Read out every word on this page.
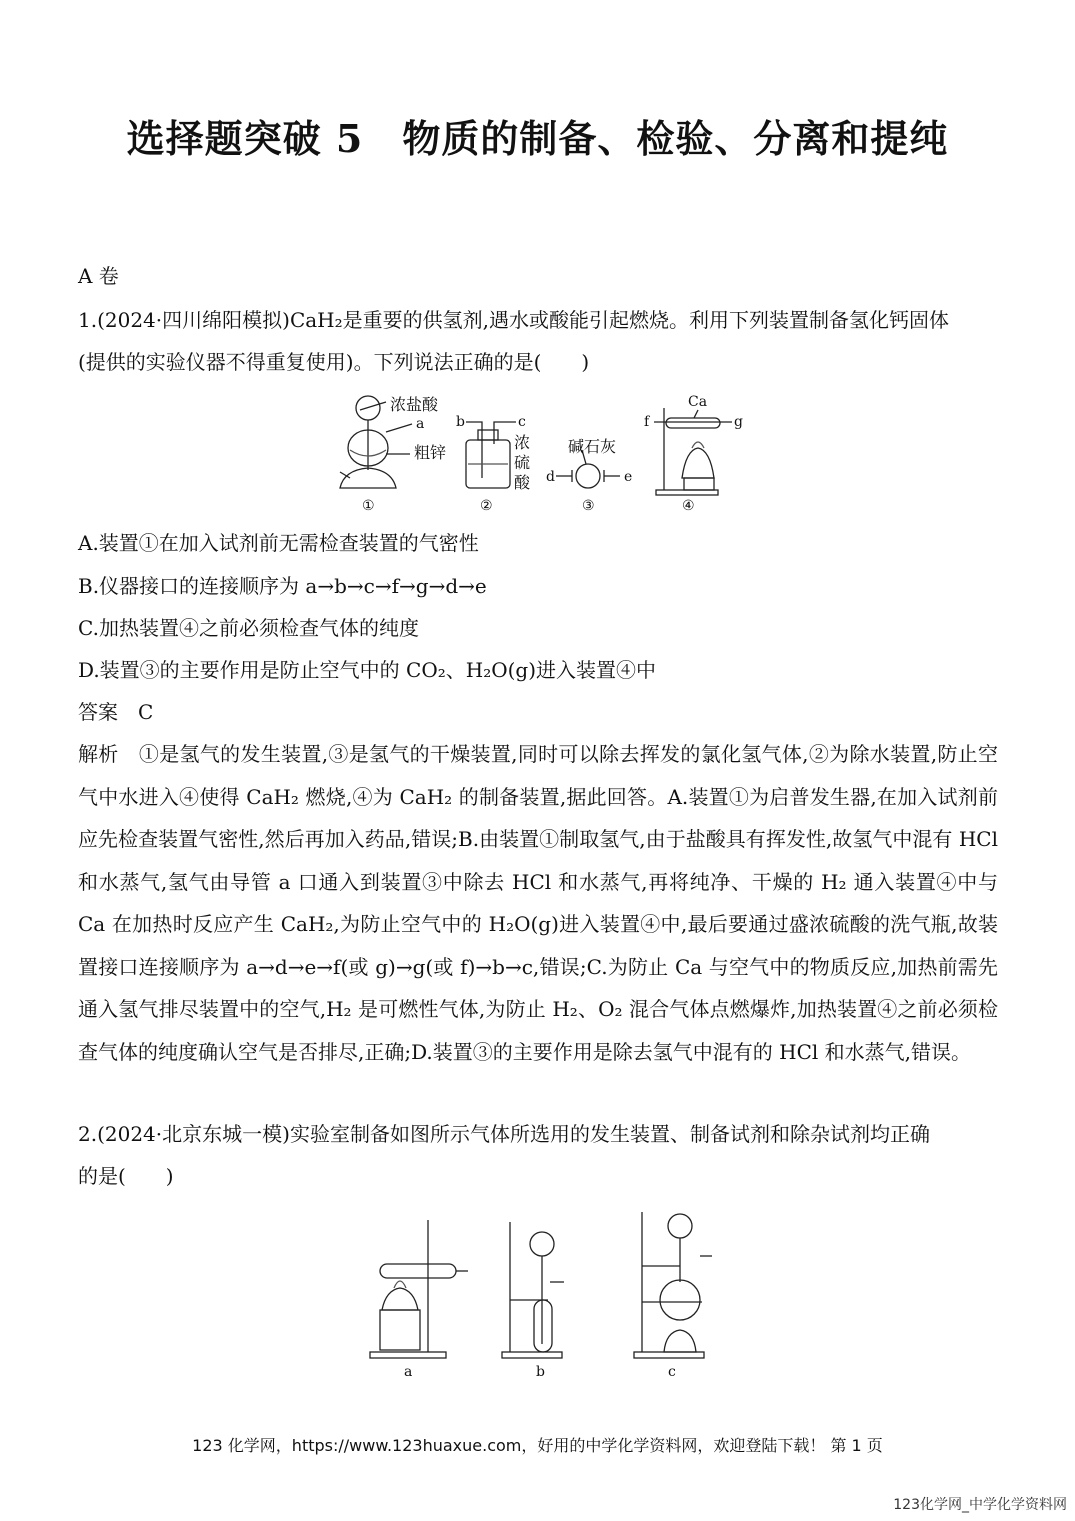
选择题突破 5　物质的制备、检验、分离和提纯
A 卷
1.(2024·四川绵阳模拟)CaH₂是重要的供氢剂,遇水或酸能引起燃烧。利用下列装置制备氢化钙固体
(提供的实验仪器不得重复使用)。下列说法正确的是(　　)
浓盐酸
a
粗锌
①
b	c
浓
硫
酸
②
碱石灰
d	e
③
Ca
f	g
④
A.装置①在加入试剂前无需检查装置的气密性
B.仪器接口的连接顺序为 a→b→c→f→g→d→e
C.加热装置④之前必须检查气体的纯度
D.装置③的主要作用是防止空气中的 CO₂、H₂O(g)进入装置④中
答案　C
解析　①是氢气的发生装置,③是氢气的干燥装置,同时可以除去挥发的氯化氢气体,②为除水装置,防止空气中水进入④使得 CaH₂ 燃烧,④为 CaH₂ 的制备装置,据此回答。A.装置①为启普发生器,在加入试剂前应先检查装置气密性,然后再加入药品,错误;B.由装置①制取氢气,由于盐酸具有挥发性,故氢气中混有 HCl 和水蒸气,氢气由导管 a 口通入到装置③中除去 HCl 和水蒸气,再将纯净、干燥的 H₂ 通入装置④中与 Ca 在加热时反应产生 CaH₂,为防止空气中的 H₂O(g)进入装置④中,最后要通过盛浓硫酸的洗气瓶,故装置接口连接顺序为 a→d→e→f(或 g)→g(或 f)→b→c,错误;C.为防止 Ca 与空气中的物质反应,加热前需先通入氢气排尽装置中的空气,H₂ 是可燃性气体,为防止 H₂、O₂ 混合气体点燃爆炸,加热装置④之前必须检查气体的纯度确认空气是否排尽,正确;D.装置③的主要作用是除去氢气中混有的 HCl 和水蒸气,错误。
2.(2024·北京东城一模)实验室制备如图所示气体所选用的发生装置、制备试剂和除杂试剂均正确
的是(　　)
a	b	c
123 化学网，https://www.123huaxue.com，好用的中学化学资料网，欢迎登陆下载！ 第 1 页
123化学网_中学化学资料网
